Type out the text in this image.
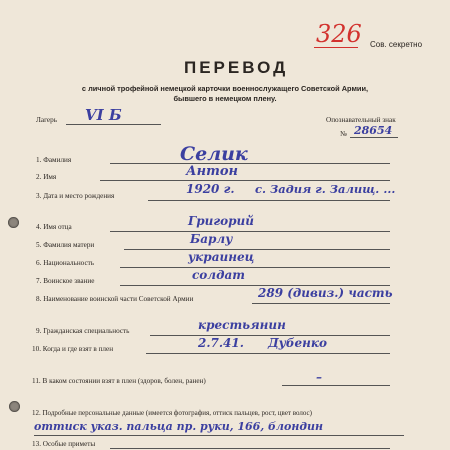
Сов. секретно
326
ПЕРЕВОД
с личной трофейной немецкой карточки военнослужащего Советской Армии,
бывшего в немецком плену.
Лагерь VI Б	Опознавательный знак
№ 28654
1. Фамилия	Селик
2. Имя	Антон
3. Дата и место рождения	1920 г. с. Задия г. Залищ. ...
4. Имя отца	Григорий
5. Фамилия матери	Барлу
6. Национальность	украинец
7. Воинское звание	солдат
8. Наименование воинской части Советской Армии	289 (дивиз.) часть
9. Гражданская специальность	крестьянин
10. Когда и где взят в плен	2.7.41. Дубенко
11. В каком состоянии взят в плен (здоров, болен, ранен)	–
12. Подробные персональные данные (имеется фотография, оттиск пальцев, рост, цвет волос)
оттиск указ. пальца пр. руки, 166, блондин
13. Особые приметы
